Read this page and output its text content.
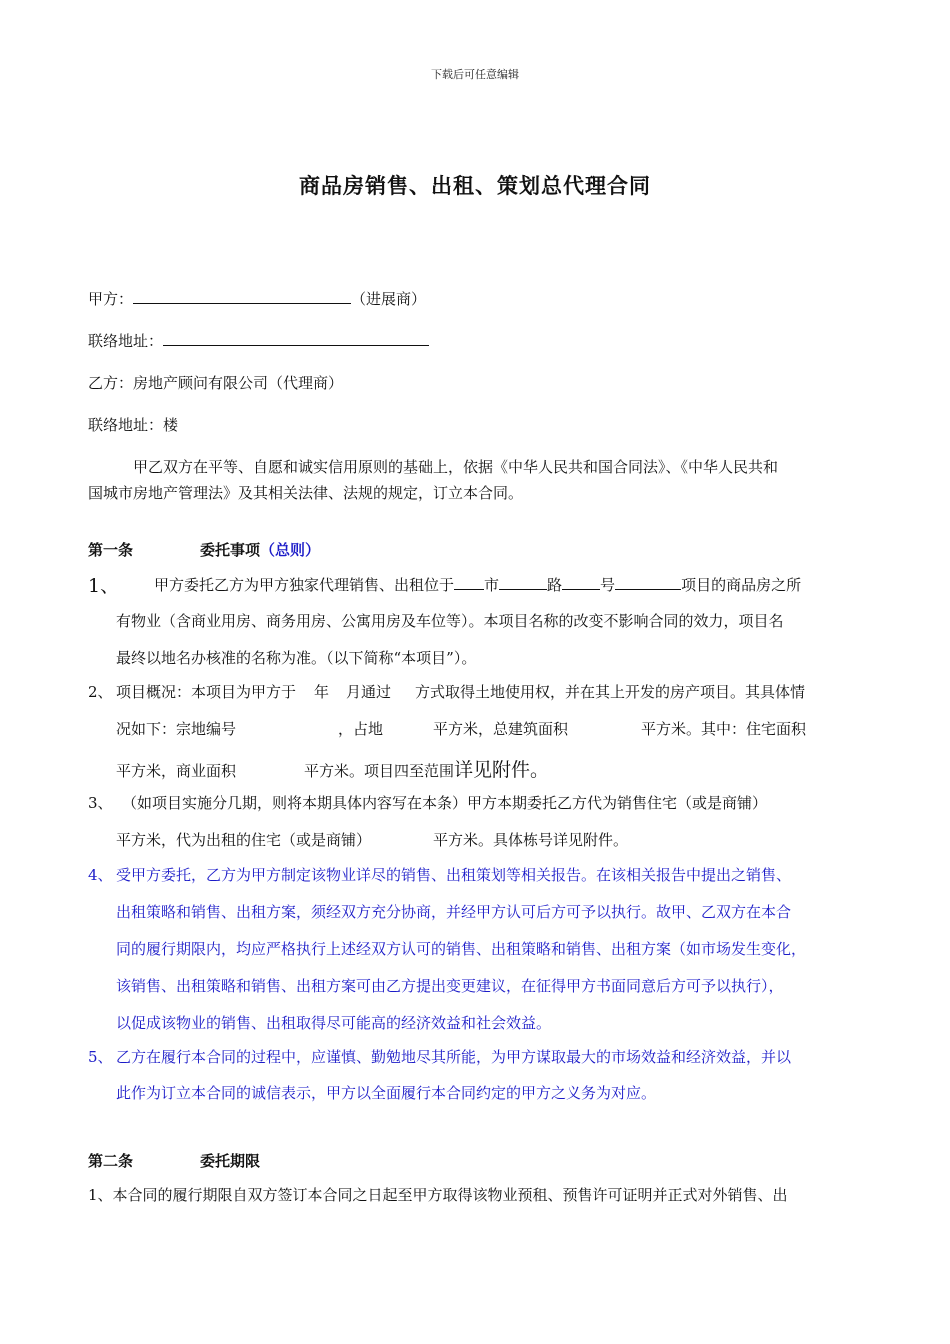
下载后可任意编辑
商品房销售、出租、策划总代理合同
甲方：	（进展商）
联络地址：
乙方：房地产顾问有限公司（代理商）
联络地址：楼
甲乙双方在平等、自愿和诚实信用原则的基础上，依据《中华人民共和国合同法》、《中华人民共和
国城市房地产管理法》及其相关法律、法规的规定，订立本合同。
第一条	委托事项（总则）
1、 甲方委托乙方为甲方独家代理销售、出租位于 市	路	号	项目的商品房之所
有物业（含商业用房、商务用房、公寓用房及车位等）。本项目名称的改变不影响合同的效力，项目名
最终以地名办核准的名称为准。（以下简称“本项目”）。
2、 项目概况：本项目为甲方于 年 月通过 方式取得土地使用权，并在其上开发的房产项目。其具体情
况如下：宗地编号	，占地	平方米，总建筑面积	平方米。其中：住宅面积
平方米，商业面积	平方米。项目四至范围详见附件。
3、 （如项目实施分几期，则将本期具体内容写在本条）甲方本期委托乙方代为销售住宅（或是商铺）
平方米，代为出租的住宅（或是商铺）	平方米。具体栋号详见附件。
4、 受甲方委托，乙方为甲方制定该物业详尽的销售、出租策划等相关报告。在该相关报告中提出之销售、
出租策略和销售、出租方案，须经双方充分协商，并经甲方认可后方可予以执行。故甲、乙双方在本合
同的履行期限内，均应严格执行上述经双方认可的销售、出租策略和销售、出租方案（如市场发生变化，
该销售、出租策略和销售、出租方案可由乙方提出变更建议，在征得甲方书面同意后方可予以执行），
以促成该物业的销售、出租取得尽可能高的经济效益和社会效益。
5、 乙方在履行本合同的过程中，应谨慎、勤勉地尽其所能，为甲方谋取最大的市场效益和经济效益，并以
此作为订立本合同的诚信表示，甲方以全面履行本合同约定的甲方之义务为对应。
第二条	委托期限
1、本合同的履行期限自双方签订本合同之日起至甲方取得该物业预租、预售许可证明并正式对外销售、出
